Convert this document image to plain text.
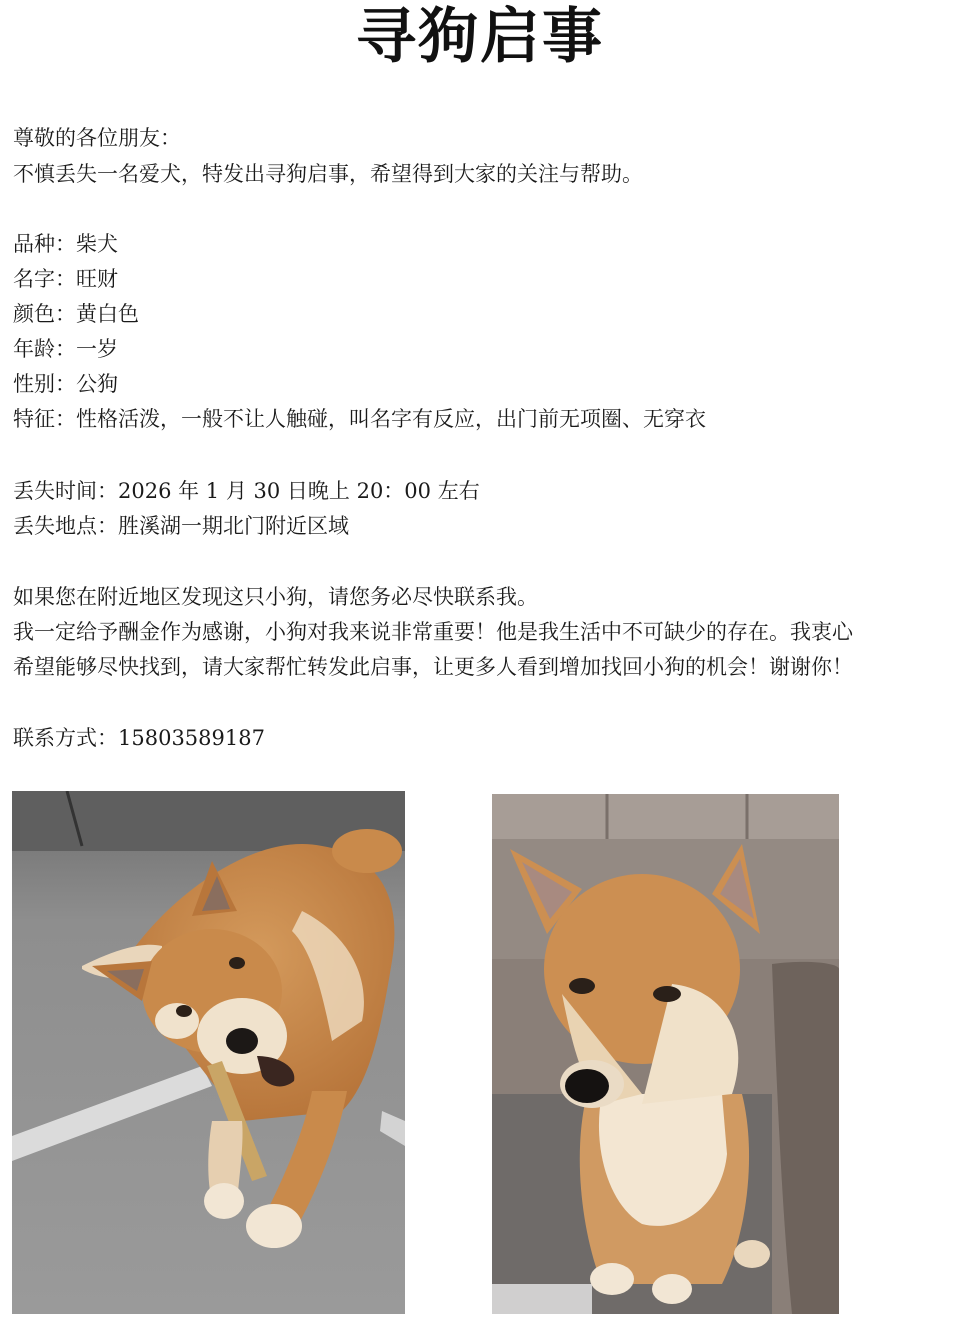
寻狗启事
尊敬的各位朋友：
不慎丢失一名爱犬，特发出寻狗启事，希望得到大家的关注与帮助。
品种：柴犬
名字：旺财
颜色：黄白色
年龄：一岁
性别：公狗
特征：性格活泼，一般不让人触碰，叫名字有反应，出门前无项圈、无穿衣
丢失时间：2026 年 1 月 30 日晚上 20：00 左右
丢失地点：胜溪湖一期北门附近区域
如果您在附近地区发现这只小狗，请您务必尽快联系我。
我一定给予酬金作为感谢，小狗对我来说非常重要！他是我生活中不可缺少的存在。我衷心
希望能够尽快找到，请大家帮忙转发此启事，让更多人看到增加找回小狗的机会！谢谢你！
联系方式：15803589187
